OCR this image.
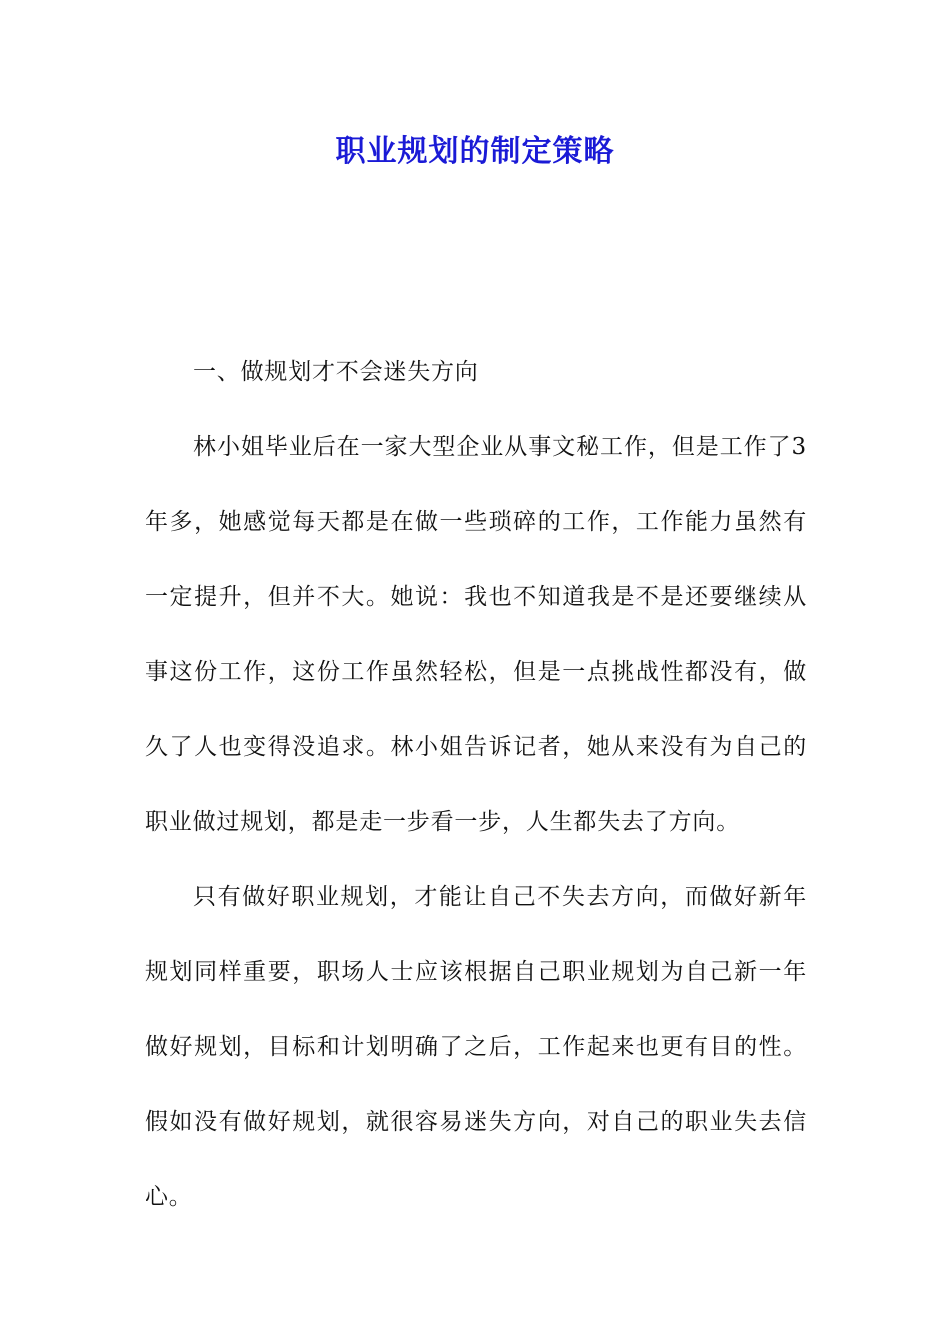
职业规划的制定策略

一、做规划才不会迷失方向

林小姐毕业后在一家大型企业从事文秘工作，但是工作了3年多，她感觉每天都是在做一些琐碎的工作，工作能力虽然有一定提升，但并不大。她说：我也不知道我是不是还要继续从事这份工作，这份工作虽然轻松，但是一点挑战性都没有，做久了人也变得没追求。林小姐告诉记者，她从来没有为自己的职业做过规划，都是走一步看一步，人生都失去了方向。

只有做好职业规划，才能让自己不失去方向，而做好新年规划同样重要，职场人士应该根据自己职业规划为自己新一年做好规划，目标和计划明确了之后，工作起来也更有目的性。假如没有做好规划，就很容易迷失方向，对自己的职业失去信心。
